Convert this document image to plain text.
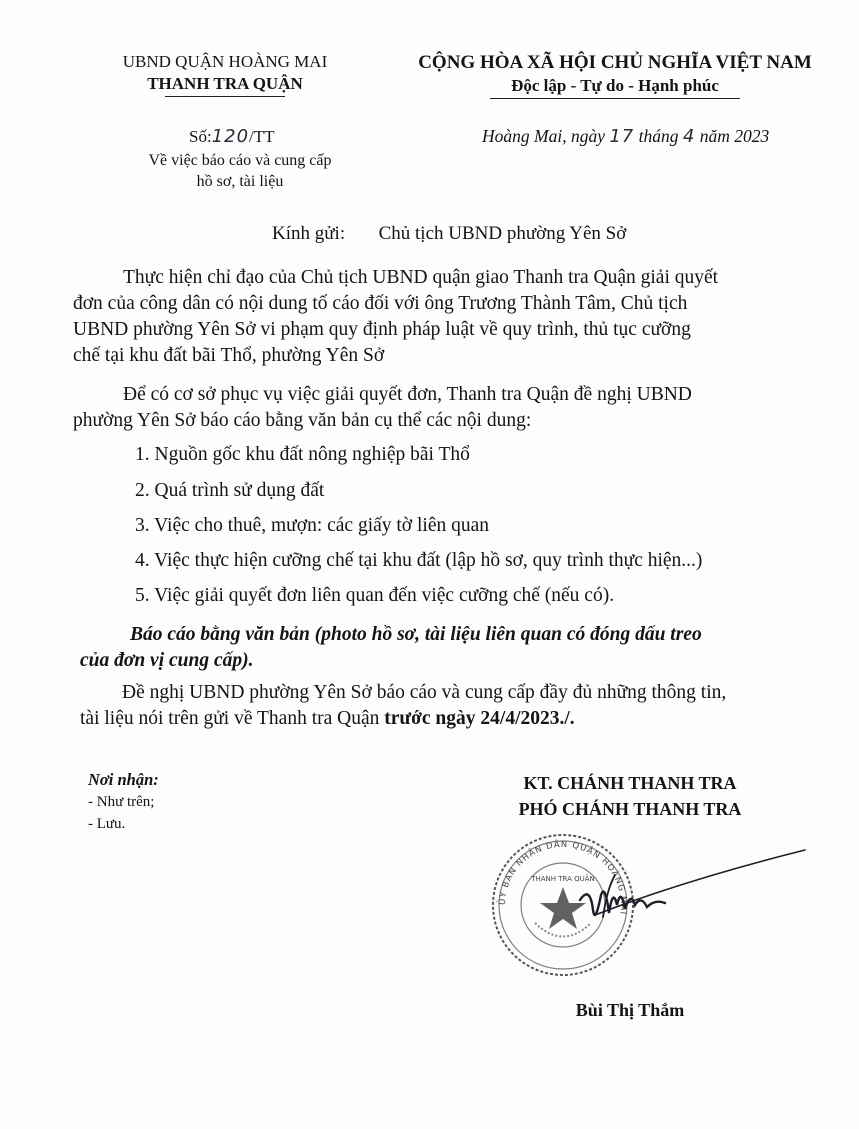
UBND QUẬN HOÀNG MAI
THANH TRA QUẬN
Số:120/TT
Về việc báo cáo và cung cấp
hồ sơ, tài liệu
CỘNG HÒA XÃ HỘI CHỦ NGHĨA VIỆT NAM
Độc lập - Tự do - Hạnh phúc
Hoàng Mai, ngày 17 tháng 4 năm 2023
Kính gửi: Chủ tịch UBND phường Yên Sở
Thực hiện chỉ đạo của Chủ tịch UBND quận giao Thanh tra Quận giải quyết
đơn của công dân có nội dung tố cáo đối với ông Trương Thành Tâm, Chủ tịch
UBND phường Yên Sở vi phạm quy định pháp luật về quy trình, thủ tục cưỡng
chế tại khu đất bãi Thổ, phường Yên Sở
Để có cơ sở phục vụ việc giải quyết đơn, Thanh tra Quận đề nghị UBND
phường Yên Sở báo cáo bằng văn bản cụ thể các nội dung:
1. Nguồn gốc khu đất nông nghiệp bãi Thổ
2. Quá trình sử dụng đất
3. Việc cho thuê, mượn: các giấy tờ liên quan
4. Việc thực hiện cưỡng chế tại khu đất (lập hồ sơ, quy trình thực hiện...)
5. Việc giải quyết đơn liên quan đến việc cưỡng chế (nếu có).
Báo cáo bằng văn bản (photo hồ sơ, tài liệu liên quan có đóng dấu treo
của đơn vị cung cấp).
Đề nghị UBND phường Yên Sở báo cáo và cung cấp đầy đủ những thông tin,
tài liệu nói trên gửi về Thanh tra Quận trước ngày 24/4/2023./.
Nơi nhận:
- Như trên;
- Lưu.
KT. CHÁNH THANH TRA
PHÓ CHÁNH THANH TRA
ỦY BAN NHÂN DÂN QUẬN HOÀNG MAI
THANH TRA QUẬN
Bùi Thị Thắm
